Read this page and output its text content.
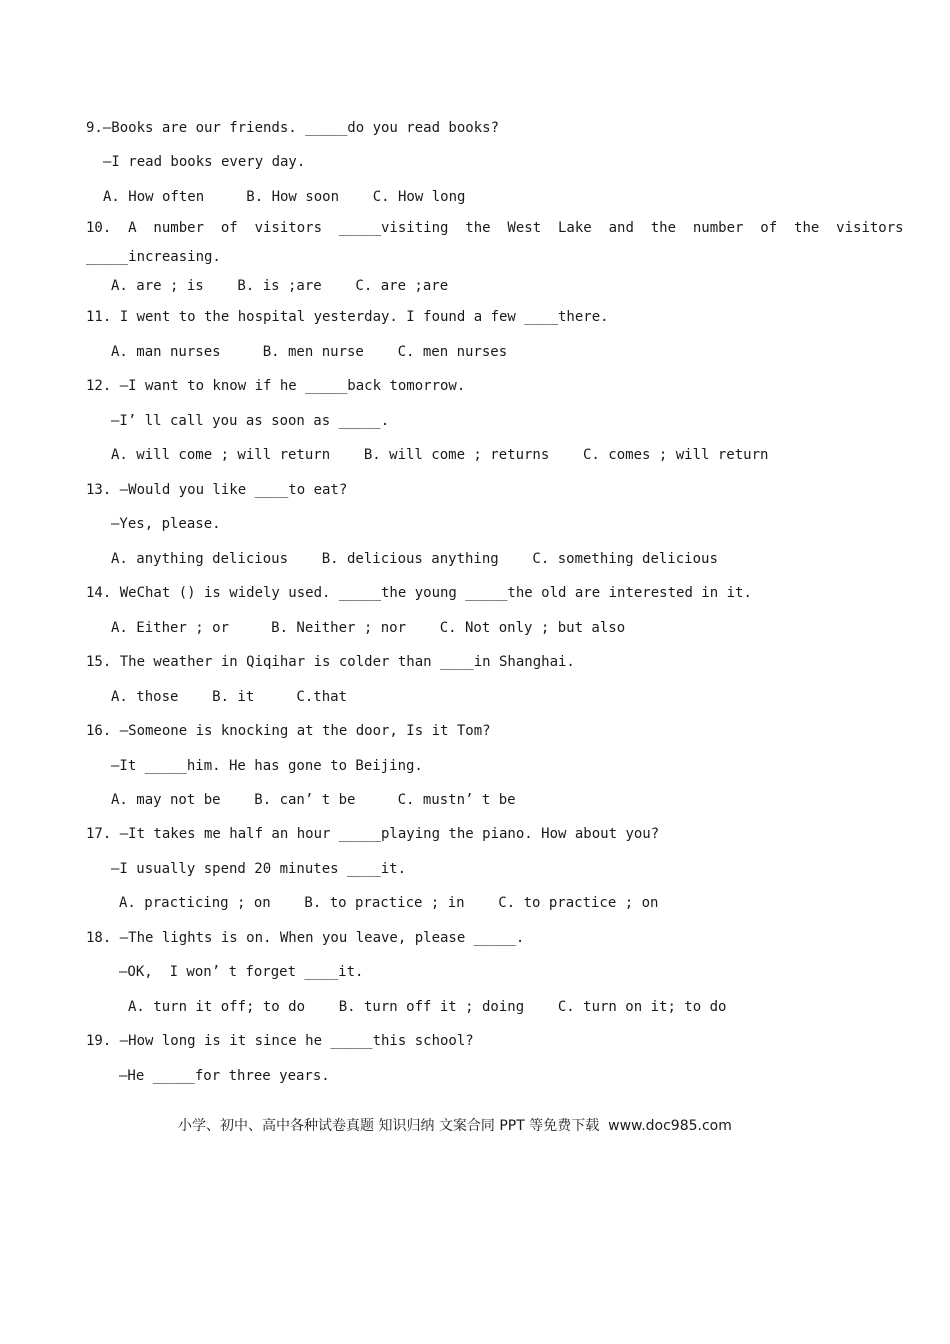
9.—Books are our friends. _____do you read books?
—I read books every day.
A. How often     B. How soon    C. How long
10.  A  number  of  visitors  _____visiting  the  West  Lake  and  the  number  of  the  visitors
_____increasing.
A. are ; is    B. is ;are    C. are ;are
11. I went to the hospital yesterday. I found a few ____there.
A. man nurses     B. men nurse    C. men nurses
12. —I want to know if he _____back tomorrow.
—I’ ll call you as soon as _____.
A. will come ; will return    B. will come ; returns    C. comes ; will return
13. —Would you like ____to eat?
—Yes, please.
A. anything delicious    B. delicious anything    C. something delicious
14. WeChat () is widely used. _____the young _____the old are interested in it.
A. Either ; or     B. Neither ; nor    C. Not only ; but also
15. The weather in Qiqihar is colder than ____in Shanghai.
A. those    B. it     C.that
16. —Someone is knocking at the door, Is it Tom?
—It _____him. He has gone to Beijing.
A. may not be    B. can’ t be     C. mustn’ t be
17. —It takes me half an hour _____playing the piano. How about you?
—I usually spend 20 minutes ____it.
A. practicing ; on    B. to practice ; in    C. to practice ; on
18. —The lights is on. When you leave, please _____.
—OK,  I won’ t forget ____it.
A. turn it off; to do    B. turn off it ; doing    C. turn on it; to do
19. —How long is it since he _____this school?
—He _____for three years.
小学、初中、高中各种试卷真题 知识归纳 文案合同 PPT 等免费下载  www.doc985.com
